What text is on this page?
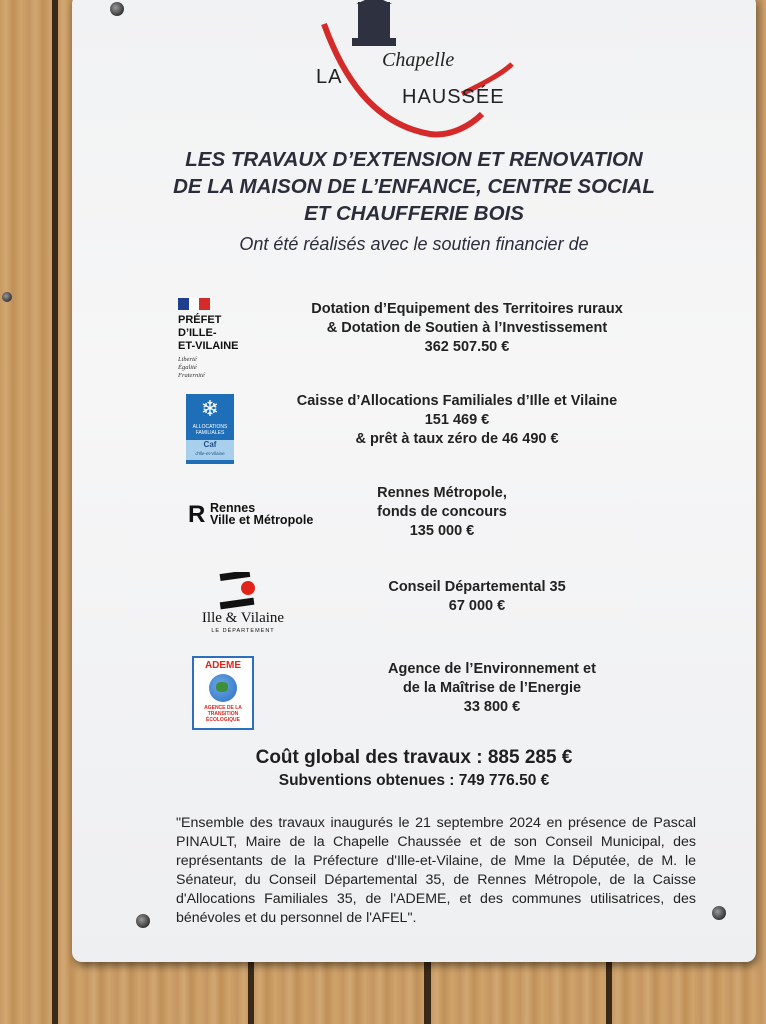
LA
Chapelle
HAUSSÉE
LES TRAVAUX D’EXTENSION ET RENOVATION
DE LA MAISON DE L’ENFANCE, CENTRE SOCIAL
ET CHAUFFERIE BOIS
Ont été réalisés avec le soutien financier de
PRÉFET
D’ILLE-
ET-VILAINE
Liberté
Égalité
Fraternité
Dotation d’Equipement des Territoires ruraux
& Dotation de Soutien à l’Investissement
362 507.50 €
❄
ALLOCATIONS
FAMILIALES
Caf
d'Ille-et-Vilaine
Caisse d’Allocations Familiales d’Ille et Vilaine
151 469 €
& prêt à taux zéro de 46 490 €
R Rennes
Ville et Métropole
Rennes Métropole,
fonds de concours
135 000 €
Ille & Vilaine
LE DÉPARTEMENT
Conseil Départemental 35
67 000 €
ADEME
AGENCE DE LA
TRANSITION
ÉCOLOGIQUE
Agence de l’Environnement et
de la Maîtrise de l’Energie
33 800 €
Coût global des travaux : 885 285 €
Subventions obtenues : 749 776.50 €
"Ensemble des travaux inaugurés le 21 septembre 2024 en présence de Pascal PINAULT, Maire de la Chapelle Chaussée et de son Conseil Municipal, des représentants de la Préfecture d'Ille-et-Vilaine, de Mme la Députée, de M. le Sénateur, du Conseil Départemental 35, de Rennes Métropole, de la Caisse d'Allocations Familiales 35, de l'ADEME, et des communes utilisatrices, des bénévoles et du personnel de l'AFEL".
